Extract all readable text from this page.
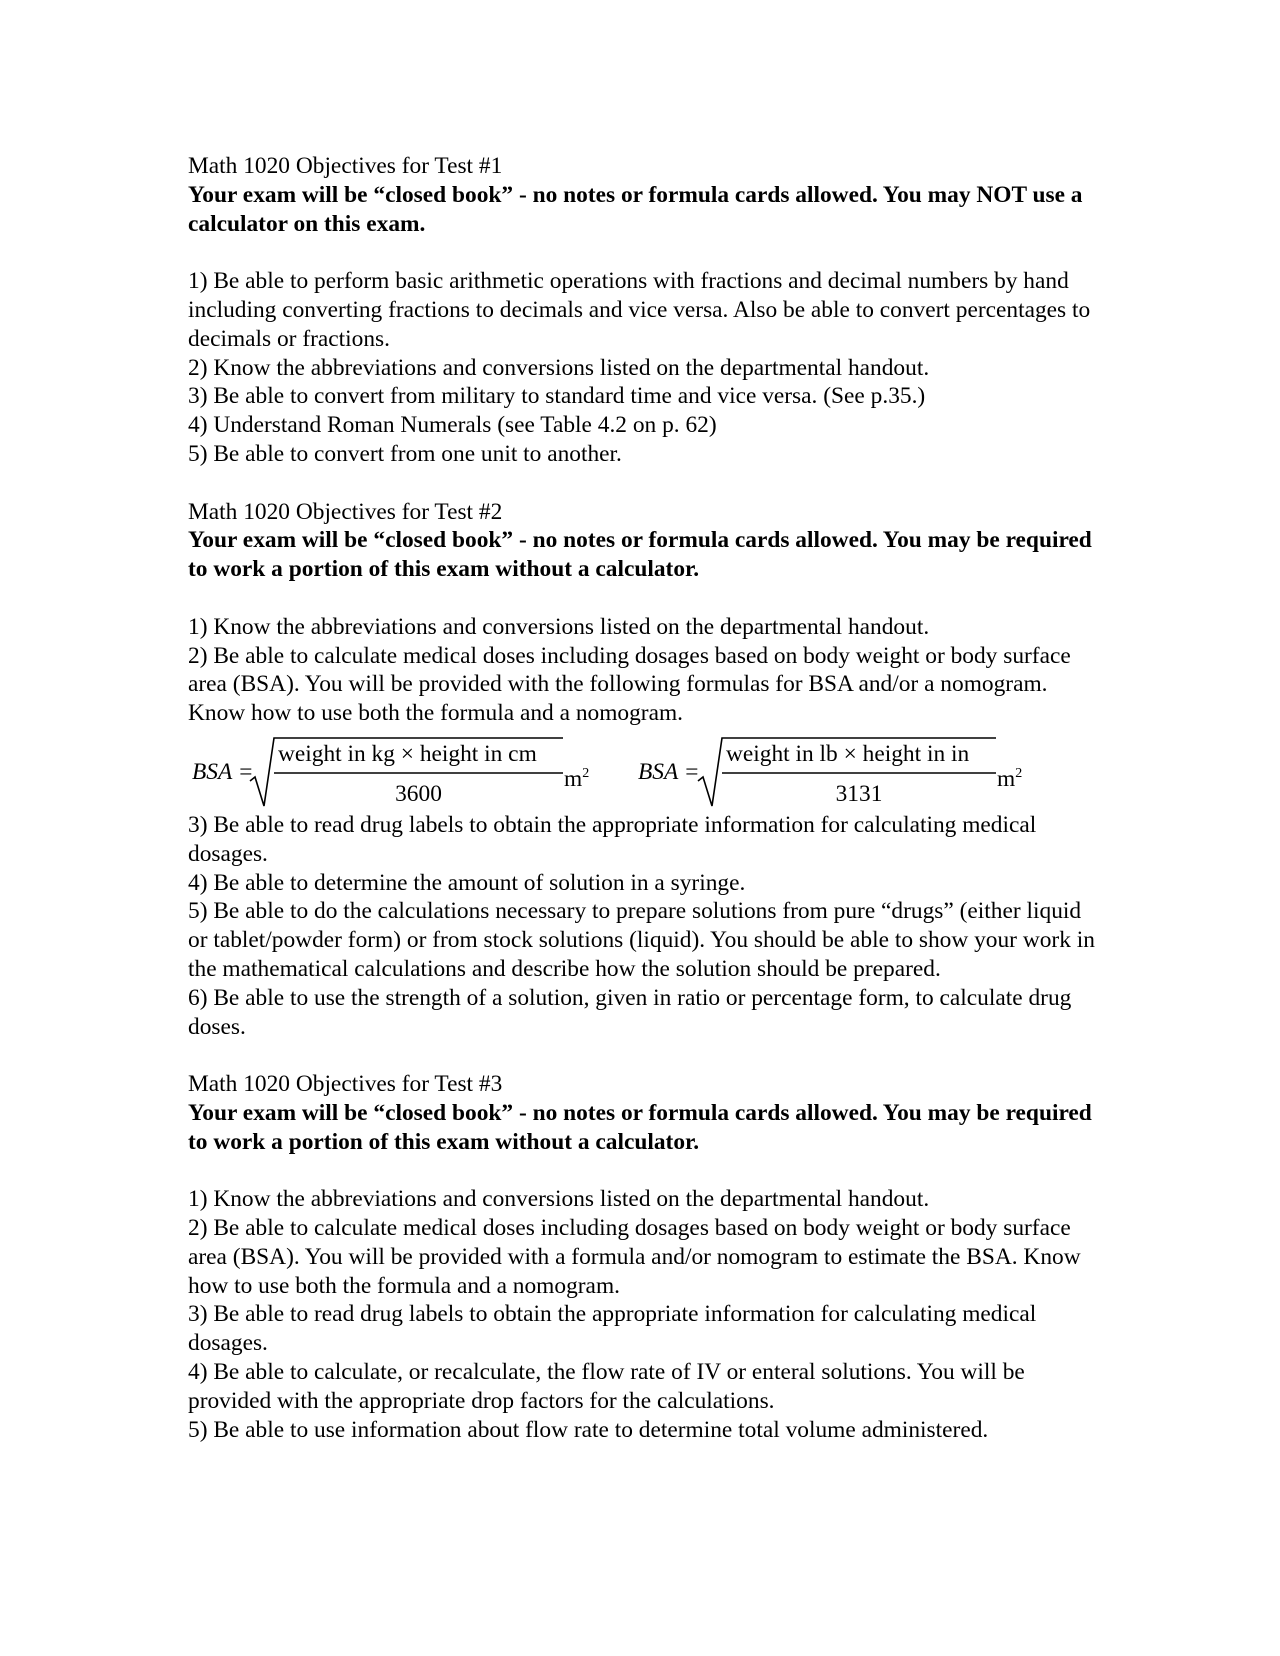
Math 1020 Objectives for Test #1

Your exam will be “closed book” - no notes or formula cards allowed. You may NOT use a calculator on this exam.

1) Be able to perform basic arithmetic operations with fractions and decimal numbers by hand including converting fractions to decimals and vice versa. Also be able to convert percentages to decimals or fractions.
2) Know the abbreviations and conversions listed on the departmental handout.
3) Be able to convert from military to standard time and vice versa. (See p.35.)
4) Understand Roman Numerals (see Table 4.2 on p. 62)
5) Be able to convert from one unit to another.

Math 1020 Objectives for Test #2

Your exam will be “closed book” - no notes or formula cards allowed. You may be required to work a portion of this exam without a calculator.

1) Know the abbreviations and conversions listed on the departmental handout.
2) Be able to calculate medical doses including dosages based on body weight or body surface area (BSA). You will be provided with the following formulas for BSA and/or a nomogram. Know how to use both the formula and a nomogram.
BSA =
weight in kg × height in cm
3600
$m^2$ BSA =
weight in lb × height in in
3131
$m^2$
3) Be able to read drug labels to obtain the appropriate information for calculating medical dosages.
4) Be able to determine the amount of solution in a syringe.
5) Be able to do the calculations necessary to prepare solutions from pure “drugs” (either liquid or tablet/powder form) or from stock solutions (liquid). You should be able to show your work in the mathematical calculations and describe how the solution should be prepared.
6) Be able to use the strength of a solution, given in ratio or percentage form, to calculate drug doses.

Math 1020 Objectives for Test #3

Your exam will be “closed book” - no notes or formula cards allowed. You may be required to work a portion of this exam without a calculator.

1) Know the abbreviations and conversions listed on the departmental handout.
2) Be able to calculate medical doses including dosages based on body weight or body surface area (BSA). You will be provided with a formula and/or nomogram to estimate the BSA. Know how to use both the formula and a nomogram.
3) Be able to read drug labels to obtain the appropriate information for calculating medical dosages.
4) Be able to calculate, or recalculate, the flow rate of IV or enteral solutions. You will be provided with the appropriate drop factors for the calculations.
5) Be able to use information about flow rate to determine total volume administered.
